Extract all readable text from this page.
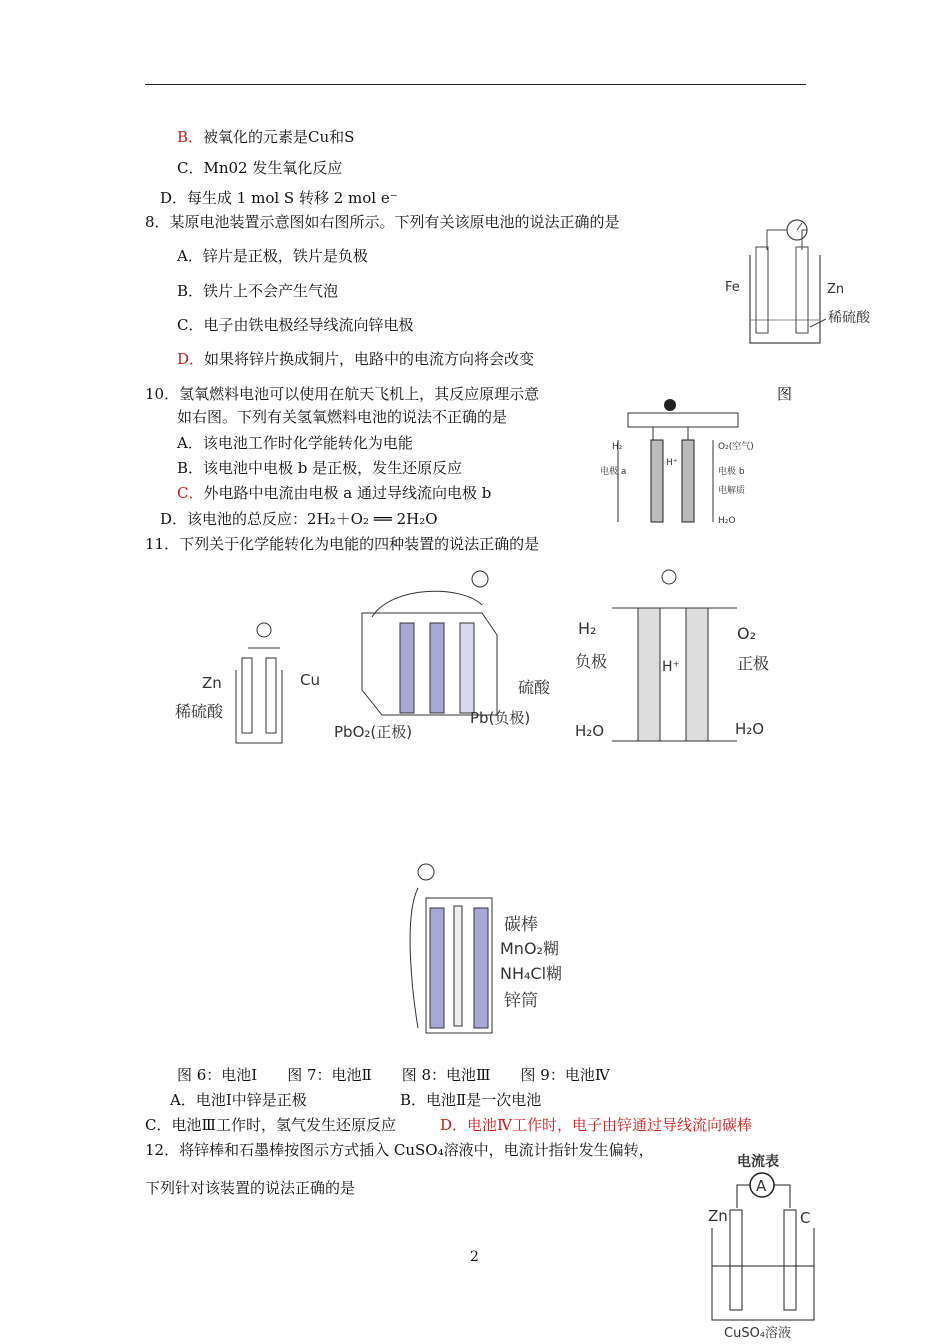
B．被氧化的元素是Cu和S
C．Mn02 发生氧化反应
D．每生成 1 mol S 转移 2 mol e⁻
8．某原电池装置示意图如右图所示。下列有关该原电池的说法正确的是
A．锌片是正极，铁片是负极
B．铁片上不会产生气泡
C．电子由铁电极经导线流向锌电极
D．如果将锌片换成铜片，电路中的电流方向将会改变
Fe	Zn
稀硫酸
10．氢氧燃料电池可以使用在航天飞机上，其反应原理示意	图
如右图。下列有关氢氧燃料电池的说法不正确的是
A．该电池工作时化学能转化为电能
B．该电池中电极 b 是正极，发生还原反应
C．外电路中电流由电极 a 通过导线流向电极 b
D．该电池的总反应：2H₂＋O₂ ══ 2H₂O
H₂	O₂(空气)
H⁺
电极 a	电极 b
电解质
H₂O
11．下列关于化学能转化为电能的四种装置的说法正确的是
Zn	Cu
稀硫酸
硫酸
PbO₂(正极)
Pb(负极)
H₂	O₂
负极	正极
H⁺
H₂O	H₂O
碳棒
MnO₂糊
NH₄Cl糊
锌筒
图 6：电池Ⅰ　　图 7：电池Ⅱ　　图 8：电池Ⅲ　　图 9：电池Ⅳ
A．电池Ⅰ中锌是正极	B．电池Ⅱ是一次电池
C．电池Ⅲ工作时，氢气发生还原反应	D．电池Ⅳ工作时，电子由锌通过导线流向碳棒
12．将锌棒和石墨棒按图示方式插入 CuSO₄溶液中，电流计指针发生偏转，
下列针对该装置的说法正确的是
电流表
A
Zn	C
CuSO₄溶液
2
